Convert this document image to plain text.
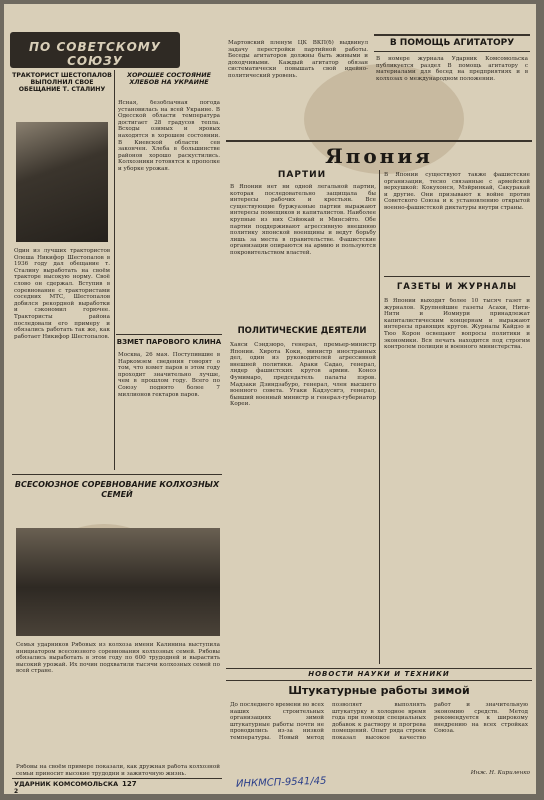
ПО СОВЕТСКОМУ СОЮЗУ
ТРАКТОРИСТ ШЕСТОПАЛОВ ВЫПОЛНИЛ СВОЕ ОБЕЩАНИЕ Т. СТАЛИНУ
Один из лучших трактористов Олеша Никифор Шестопалов в 1936 году дал обещание т. Сталину выработать на своём тракторе высокую норму. Своё слово он сдержал. Вступив в соревнование с трактористами соседних МТС, Шестопалов добился рекордной выработки и сэкономил горючее. Трактористы района последовали его примеру и обязались работать так же, как работает Никифор Шестопалов.
ХОРОШЕЕ СОСТОЯНИЕ ХЛЕБОВ НА УКРАИНЕ
Ясная, безоблачная погода установилась на всей Украине. В Одесской области температура достигает 28 градусов тепла. Всходы озимых и яровых находятся в хорошем состоянии. В Киевской области сев закончен. Хлеба в большинстве районов хорошо раскустились. Колхозники готовятся к прополке и уборке урожая.
ВЗМЕТ ПАРОВОГО КЛИНА
Москва, 26 мая. Поступившие в Наркомзем сведения говорят о том, что взмет паров в этом году проходит значительно лучше, чем в прошлом году. Всего по Союзу поднято более 7 миллионов гектаров паров.
ВСЕСОЮЗНОЕ СОРЕВНОВАНИЕ КОЛХОЗНЫХ СЕМЕЙ
Семья ударников Рябовых из колхоза имени Калинина выступила инициатором всесоюзного соревнования колхозных семей. Рябовы обязались выработать в этом году по 600 трудодней и вырастить высокий урожай. Их почин подхватили тысячи колхозных семей по всей стране.
Мартовский пленум ЦК ВКП(б) выдвинул задачу перестройки партийной работы. Беседы агитаторов должны быть живыми и доходчивыми. Каждый агитатор обязан систематически повышать свой идейно-политический уровень.
В ПОМОЩЬ АГИТАТОРУ
В номере журнала Ударник Комсомольска публикуется раздел В помощь агитатору с материалами для бесед на предприятиях и в колхозах о международном положении.
Япония
ПАРТИИ
В Японии нет ни одной легальной партии, которая последовательно защищала бы интересы рабочих и крестьян. Все существующие буржуазные партии выражают интересы помещиков и капиталистов. Наиболее крупные из них Сэйюкай и Минсэйто. Обе партии поддерживают агрессивную внешнюю политику японской военщины и ведут борьбу лишь за места в правительстве. Фашистские организации опираются на армию и пользуются покровительством властей.
ПОЛИТИЧЕСКИЕ ДЕЯТЕЛИ
Хаяси Сэндзюро, генерал, премьер-министр Японии. Хирота Коки, министр иностранных дел, один из руководителей агрессивной внешней политики. Араки Садао, генерал, лидер фашистских кругов армии. Коноэ Фумимаро, председатель палаты пэров. Мадзаки Дзиндзабуро, генерал, член высшего военного совета. Угаки Кадзусигэ, генерал, бывший военный министр и генерал-губернатор Кореи.
В Японии существуют также фашистские организации, тесно связанные с армейской верхушкой: Кокухонся, Мэйринкай, Сакуракай и другие. Они призывают к войне против Советского Союза и к установлению открытой военно-фашистской диктатуры внутри страны.
ГАЗЕТЫ И ЖУРНАЛЫ
В Японии выходит более 10 тысяч газет и журналов. Крупнейшие газеты Асахи, Нити-Нити и Иомиури принадлежат капиталистическим концернам и выражают интересы правящих кругов. Журналы Кайдзо и Тюо Корон освещают вопросы политики и экономики. Вся печать находится под строгим контролем полиции и военного министерства.
НОВОСТИ НАУКИ И ТЕХНИКИ
Штукатурные работы зимой
До последнего времени во всех наших строительных организациях зимой штукатурные работы почти не проводились из-за низкой температуры. Новый метод позволяет выполнять штукатурку в холодное время года при помощи специальных добавок к раствору и прогрева помещений. Опыт ряда строек показал высокое качество работ и значительную экономию средств. Метод рекомендуется к широкому внедрению на всех стройках Союза.
Инж. Н. Кириленко
Рябовы на своём примере показали, как дружная работа колхозной семьи приносит высокие трудодни и зажиточную жизнь.
УДАРНИК КОМСОМОЛЬСКА
2
127	ИНКМСП-9541/45
